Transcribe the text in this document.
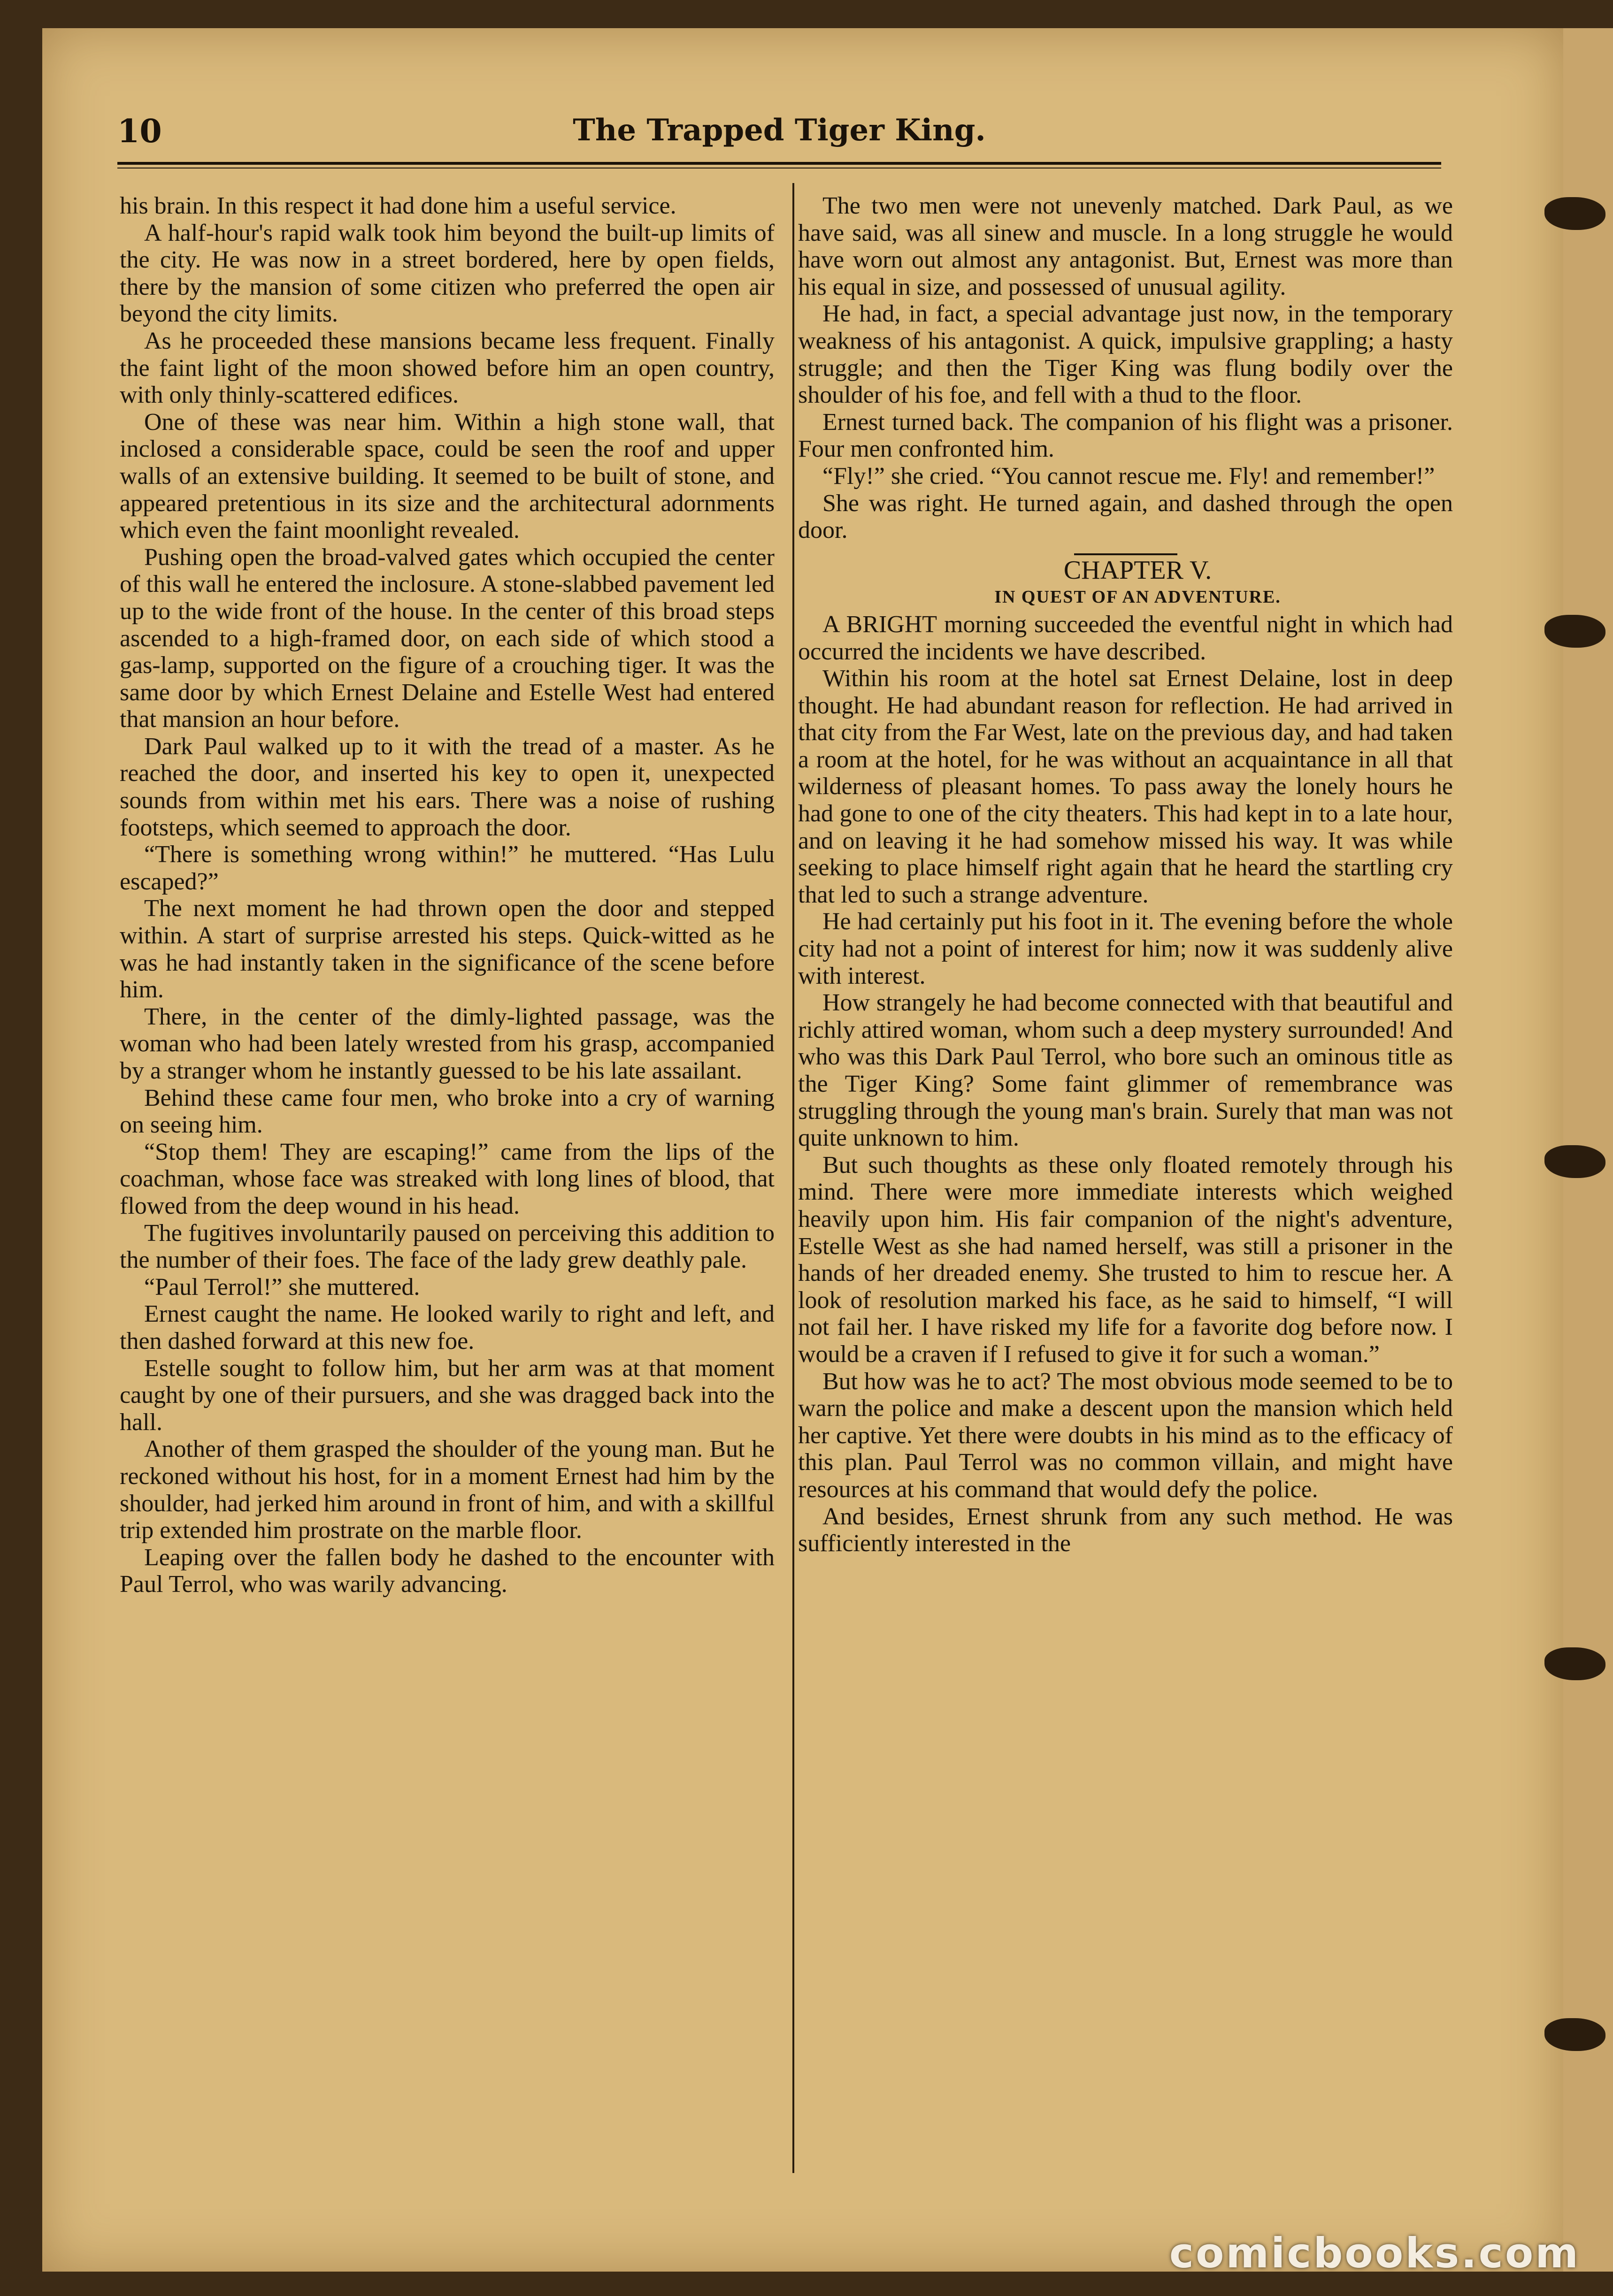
10	The Trapped Tiger King.

his brain. In this respect it had done him a useful service.

A half-hour's rapid walk took him beyond the built-up limits of the city. He was now in a street bordered, here by open fields, there by the mansion of some citizen who preferred the open air beyond the city limits.

As he proceeded these mansions became less frequent. Finally the faint light of the moon showed before him an open country, with only thinly-scattered edifices.

One of these was near him. Within a high stone wall, that inclosed a considerable space, could be seen the roof and upper walls of an extensive building. It seemed to be built of stone, and appeared pretentious in its size and the architectural adornments which even the faint moonlight revealed.

Pushing open the broad-valved gates which occupied the center of this wall he entered the inclosure. A stone-slabbed pavement led up to the wide front of the house. In the center of this broad steps ascended to a high-framed door, on each side of which stood a gas-lamp, supported on the figure of a crouching tiger. It was the same door by which Ernest Delaine and Estelle West had entered that mansion an hour before.

Dark Paul walked up to it with the tread of a master. As he reached the door, and inserted his key to open it, unexpected sounds from within met his ears. There was a noise of rushing footsteps, which seemed to approach the door.

“There is something wrong within!” he muttered. “Has Lulu escaped?”

The next moment he had thrown open the door and stepped within. A start of surprise arrested his steps. Quick-witted as he was he had instantly taken in the significance of the scene before him.

There, in the center of the dimly-lighted passage, was the woman who had been lately wrested from his grasp, accompanied by a stranger whom he instantly guessed to be his late assailant.

Behind these came four men, who broke into a cry of warning on seeing him.

“Stop them! They are escaping!” came from the lips of the coachman, whose face was streaked with long lines of blood, that flowed from the deep wound in his head.

The fugitives involuntarily paused on perceiving this addition to the number of their foes. The face of the lady grew deathly pale.

“Paul Terrol!” she muttered.

Ernest caught the name. He looked warily to right and left, and then dashed forward at this new foe.

Estelle sought to follow him, but her arm was at that moment caught by one of their pursuers, and she was dragged back into the hall.

Another of them grasped the shoulder of the young man. But he reckoned without his host, for in a moment Ernest had him by the shoulder, had jerked him around in front of him, and with a skillful trip extended him prostrate on the marble floor.

Leaping over the fallen body he dashed to the encounter with Paul Terrol, who was warily advancing.

The two men were not unevenly matched. Dark Paul, as we have said, was all sinew and muscle. In a long struggle he would have worn out almost any antagonist. But, Ernest was more than his equal in size, and possessed of unusual agility.

He had, in fact, a special advantage just now, in the temporary weakness of his antagonist. A quick, impulsive grappling; a hasty struggle; and then the Tiger King was flung bodily over the shoulder of his foe, and fell with a thud to the floor.

Ernest turned back. The companion of his flight was a prisoner. Four men confronted him.

“Fly!” she cried. “You cannot rescue me. Fly! and remember!”

She was right. He turned again, and dashed through the open door.

CHAPTER V.

IN QUEST OF AN ADVENTURE.

A BRIGHT morning succeeded the eventful night in which had occurred the incidents we have described.

Within his room at the hotel sat Ernest Delaine, lost in deep thought. He had abundant reason for reflection. He had arrived in that city from the Far West, late on the previous day, and had taken a room at the hotel, for he was without an acquaintance in all that wilderness of pleasant homes. To pass away the lonely hours he had gone to one of the city theaters. This had kept in to a late hour, and on leaving it he had somehow missed his way. It was while seeking to place himself right again that he heard the startling cry that led to such a strange adventure.

He had certainly put his foot in it. The evening before the whole city had not a point of interest for him; now it was suddenly alive with interest.

How strangely he had become connected with that beautiful and richly attired woman, whom such a deep mystery surrounded! And who was this Dark Paul Terrol, who bore such an ominous title as the Tiger King? Some faint glimmer of remembrance was struggling through the young man's brain. Surely that man was not quite unknown to him.

But such thoughts as these only floated remotely through his mind. There were more immediate interests which weighed heavily upon him. His fair companion of the night's adventure, Estelle West as she had named herself, was still a prisoner in the hands of her dreaded enemy. She trusted to him to rescue her. A look of resolution marked his face, as he said to himself, “I will not fail her. I have risked my life for a favorite dog before now. I would be a craven if I refused to give it for such a woman.”

But how was he to act? The most obvious mode seemed to be to warn the police and make a descent upon the mansion which held her captive. Yet there were doubts in his mind as to the efficacy of this plan. Paul Terrol was no common villain, and might have resources at his command that would defy the police.

And besides, Ernest shrunk from any such method. He was sufficiently interested in the

comicbooks.com
